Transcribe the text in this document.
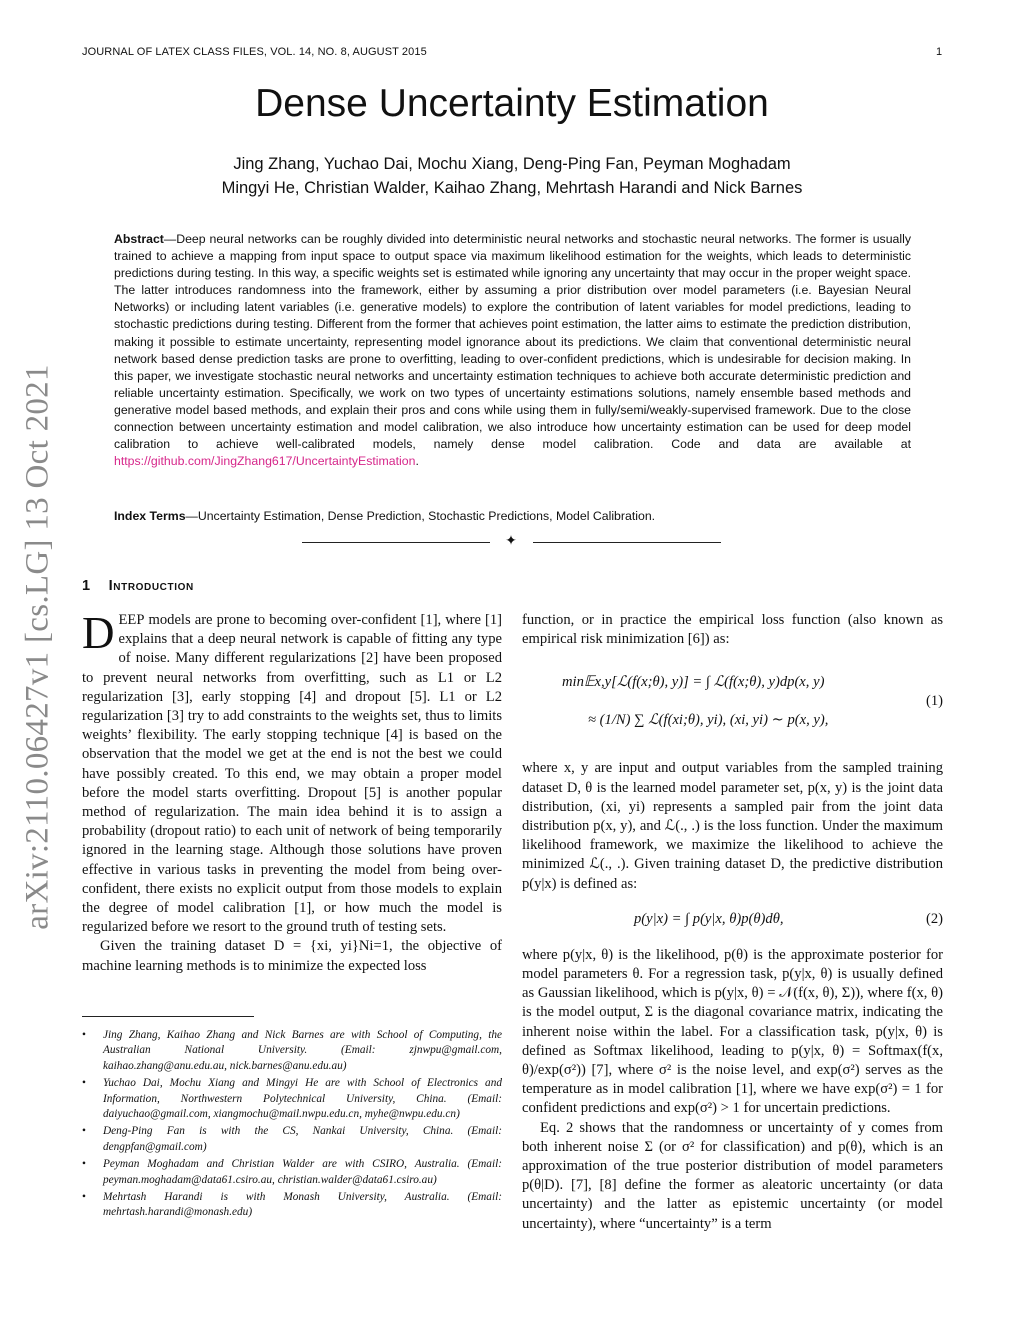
JOURNAL OF LATEX CLASS FILES, VOL. 14, NO. 8, AUGUST 2015	1
arXiv:2110.06427v1 [cs.LG] 13 Oct 2021
Dense Uncertainty Estimation
Jing Zhang, Yuchao Dai, Mochu Xiang, Deng-Ping Fan, Peyman Moghadam
Mingyi He, Christian Walder, Kaihao Zhang, Mehrtash Harandi and Nick Barnes
Abstract—Deep neural networks can be roughly divided into deterministic neural networks and stochastic neural networks. The former is usually trained to achieve a mapping from input space to output space via maximum likelihood estimation for the weights, which leads to deterministic predictions during testing. In this way, a specific weights set is estimated while ignoring any uncertainty that may occur in the proper weight space. The latter introduces randomness into the framework, either by assuming a prior distribution over model parameters (i.e. Bayesian Neural Networks) or including latent variables (i.e. generative models) to explore the contribution of latent variables for model predictions, leading to stochastic predictions during testing. Different from the former that achieves point estimation, the latter aims to estimate the prediction distribution, making it possible to estimate uncertainty, representing model ignorance about its predictions. We claim that conventional deterministic neural network based dense prediction tasks are prone to overfitting, leading to over-confident predictions, which is undesirable for decision making. In this paper, we investigate stochastic neural networks and uncertainty estimation techniques to achieve both accurate deterministic prediction and reliable uncertainty estimation. Specifically, we work on two types of uncertainty estimations solutions, namely ensemble based methods and generative model based methods, and explain their pros and cons while using them in fully/semi/weakly-supervised framework. Due to the close connection between uncertainty estimation and model calibration, we also introduce how uncertainty estimation can be used for deep model calibration to achieve well-calibrated models, namely dense model calibration. Code and data are available at https://github.com/JingZhang617/UncertaintyEstimation.
Index Terms—Uncertainty Estimation, Dense Prediction, Stochastic Predictions, Model Calibration.
✦
1 Introduction

DEEP models are prone to becoming over-confident [1], where [1] explains that a deep neural network is capable of fitting any type of noise. Many different regularizations [2] have been proposed to prevent neural networks from overfitting, such as L1 or L2 regularization [3], early stopping [4] and dropout [5]. L1 or L2 regularization [3] try to add constraints to the weights set, thus to limits weights’ flexibility. The early stopping technique [4] is based on the observation that the model we get at the end is not the best we could have possibly created. To this end, we may obtain a proper model before the model starts overfitting. Dropout [5] is another popular method of regularization. The main idea behind it is to assign a probability (dropout ratio) to each unit of network of being temporarily ignored in the learning stage. Although those solutions have proven effective in various tasks in preventing the model from being over-confident, there exists no explicit output from those models to explain the degree of model calibration [1], or how much the model is regularized before we resort to the ground truth of testing sets.

Given the training dataset D = {xi, yi}Ni=1, the objective of machine learning methods is to minimize the expected loss

• Jing Zhang, Kaihao Zhang and Nick Barnes are with School of Computing, the Australian National University. (Email: zjnwpu@gmail.com, kaihao.zhang@anu.edu.au, nick.barnes@anu.edu.au)
• Yuchao Dai, Mochu Xiang and Mingyi He are with School of Electronics and Information, Northwestern Polytechnical University, China. (Email: daiyuchao@gmail.com, xiangmochu@mail.nwpu.edu.cn, myhe@nwpu.edu.cn)
• Deng-Ping Fan is with the CS, Nankai University, China. (Email: dengpfan@gmail.com)
• Peyman Moghadam and Christian Walder are with CSIRO, Australia. (Email: peyman.moghadam@data61.csiro.au, christian.walder@data61.csiro.au)
• Mehrtash Harandi is with Monash University, Australia. (Email: mehrtash.harandi@monash.edu)

function, or in practice the empirical loss function (also known as empirical risk minimization [6]) as:

min𝔼x,y[ℒ(f(x;θ), y)] = ∫ ℒ(f(x;θ), y)dp(x, y)
≈ (1/N) ∑ ℒ(f(xi;θ), yi), (xi, yi) ∼ p(x, y),
(1)

where x, y are input and output variables from the sampled training dataset D, θ is the learned model parameter set, p(x, y) is the joint data distribution, (xi, yi) represents a sampled pair from the joint data distribution p(x, y), and ℒ(., .) is the loss function. Under the maximum likelihood framework, we maximize the likelihood to achieve the minimized ℒ(., .). Given training dataset D, the predictive distribution p(y|x) is defined as:

p(y|x) = ∫ p(y|x, θ)p(θ)dθ,	(2)

where p(y|x, θ) is the likelihood, p(θ) is the approximate posterior for model parameters θ. For a regression task, p(y|x, θ) is usually defined as Gaussian likelihood, which is p(y|x, θ) = 𝒩(f(x, θ), Σ)), where f(x, θ) is the model output, Σ is the diagonal covariance matrix, indicating the inherent noise within the label. For a classification task, p(y|x, θ) is defined as Softmax likelihood, leading to p(y|x, θ) = Softmax(f(x, θ)/exp(σ²)) [7], where σ² is the noise level, and exp(σ²) serves as the temperature as in model calibration [1], where we have exp(σ²) = 1 for confident predictions and exp(σ²) > 1 for uncertain predictions.

Eq. 2 shows that the randomness or uncertainty of y comes from both inherent noise Σ (or σ² for classification) and p(θ), which is an approximation of the true posterior distribution of model parameters p(θ|D). [7], [8] define the former as aleatoric uncertainty (or data uncertainty) and the latter as epistemic uncertainty (or model uncertainty), where “uncertainty” is a term
